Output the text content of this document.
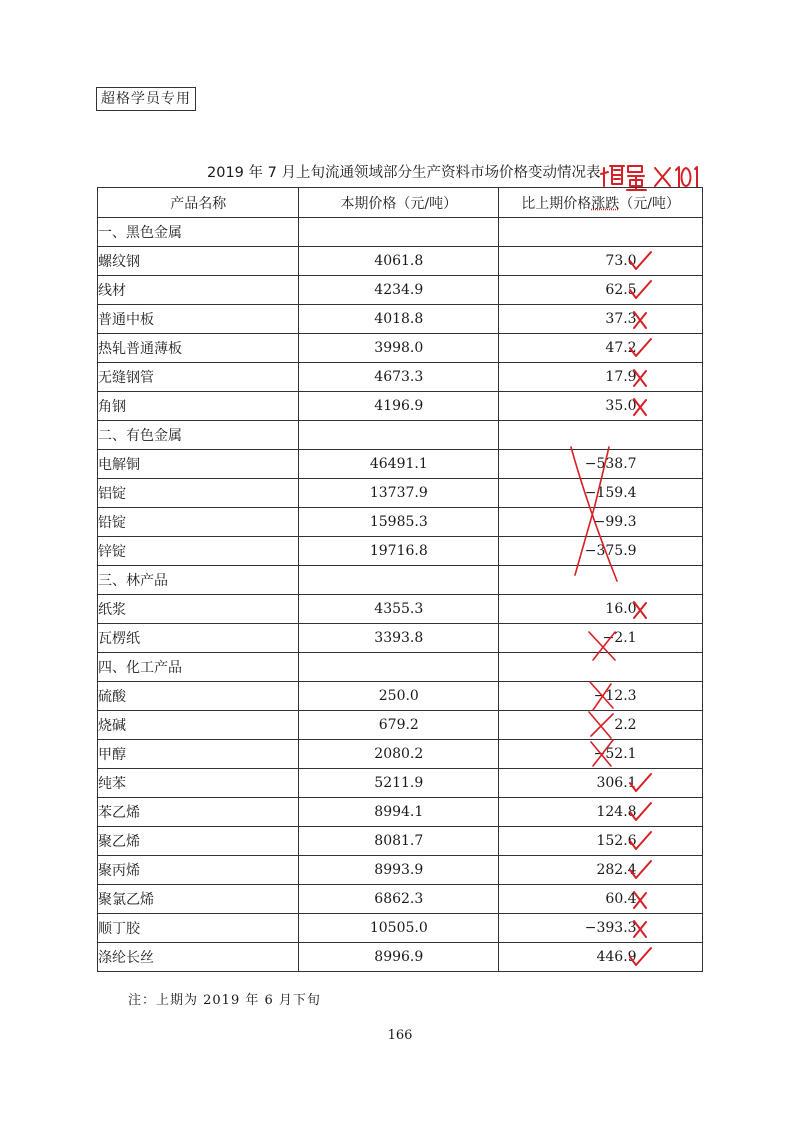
超格学员专用
2019 年 7 月上旬流通领域部分生产资料市场价格变动情况表
产品名称	本期价格（元/吨）	比上期价格涨跌（元/吨）
一、黑色金属		
螺纹钢	4061.8	73.0

线材	4234.9	62.5

普通中板	4018.8	37.3

热轧普通薄板	3998.0	47.2

无缝钢管	4673.3	17.9

角钢	4196.9	35.0

二、有色金属		
电解铜	46491.1	−538.7
铝锭	13737.9	−159.4
铅锭	15985.3	−99.3
锌锭	19716.8	−375.9
三、林产品		
纸浆	4355.3	16.0

瓦楞纸	3393.8	−2.1
四、化工产品		
硫酸	250.0	−12.3
烧碱	679.2	2.2
甲醇	2080.2	−52.1
纯苯	5211.9	306.1

苯乙烯	8994.1	124.8

聚乙烯	8081.7	152.6

聚丙烯	8993.9	282.4

聚氯乙烯	6862.3	60.4

顺丁胶	10505.0	−393.3

涤纶长丝	8996.9	446.9
注：上期为 2019 年 6 月下旬
166
